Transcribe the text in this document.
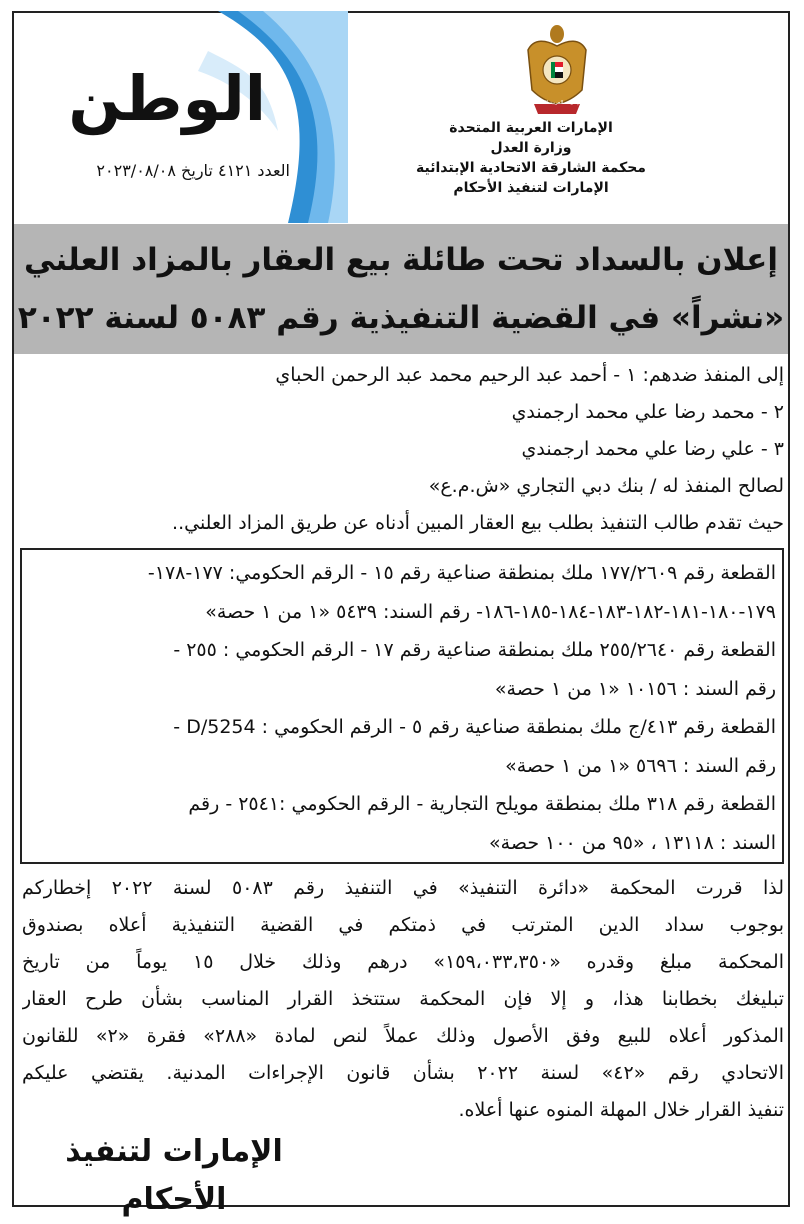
الوطن
العدد ٤١٢١ تاريخ ٢٠٢٣/٠٨/٠٨
الإمارات العربية المتحدة
الإمارات العربية المتحدة
وزارة العدل
محكمة الشارقة الاتحادية الإبتدائية
الإمارات لتنفيذ الأحكام
إعلان بالسداد تحت طائلة بيع العقار بالمزاد العلني
«نشراً» في القضية التنفيذية رقم ٥٠٨٣ لسنة ٢٠٢٢
إلى المنفذ ضدهم: ١ - أحمد عبد الرحيم محمد عبد الرحمن الحباي
٢ - محمد رضا علي محمد ارجمندي
٣ - علي رضا علي محمد ارجمندي
لصالح المنفذ له / بنك دبي التجاري «ش.م.ع»
حيث تقدم طالب التنفيذ بطلب بيع العقار المبين أدناه عن طريق المزاد العلني..
القطعة رقم ١٧٧/٢٦٠٩ ملك بمنطقة صناعية رقم ١٥ - الرقم الحكومي: ١٧٧-١٧٨-
١٧٩-١٨٠-١٨١-١٨٢-١٨٣-١٨٤-١٨٥-١٨٦- رقم السند: ٥٤٣٩ «١ من ١ حصة»
القطعة رقم ٢٥٥/٢٦٤٠ ملك بمنطقة صناعية رقم ١٧ - الرقم الحكومي : ٢٥٥ -
رقم السند : ١٠١٥٦ «١ من ١ حصة»
القطعة رقم ٤١٣/ج ملك بمنطقة صناعية رقم ٥ - الرقم الحكومي : D/5254 -
رقم السند : ٥٦٩٦ «١ من ١ حصة»
القطعة رقم ٣١٨ ملك بمنطقة مويلح التجارية - الرقم الحكومي :٢٥٤١ - رقم
السند : ١٣١١٨ ، «٩٥ من ١٠٠ حصة»
لذا قررت المحكمة «دائرة التنفيذ» في التنفيذ رقم ٥٠٨٣ لسنة ٢٠٢٢ إخطاركم
بوجوب سداد الدين المترتب في ذمتكم في القضية التنفيذية أعلاه بصندوق
المحكمة مبلغ وقدره «١٥٩،٠٣٣،٣٥٠» درهم وذلك خلال ١٥ يوماً من تاريخ
تبليغك بخطابنا هذا، و إلا فإن المحكمة ستتخذ القرار المناسب بشأن طرح العقار
المذكور أعلاه للبيع وفق الأصول وذلك عملاً لنص لمادة «٢٨٨» فقرة «٢» للقانون
الاتحادي رقم «٤٢» لسنة ٢٠٢٢ بشأن قانون الإجراءات المدنية. يقتضي عليكم
تنفيذ القرار خلال المهلة المنوه عنها أعلاه.
الإمارات لتنفيذ الأحكام
